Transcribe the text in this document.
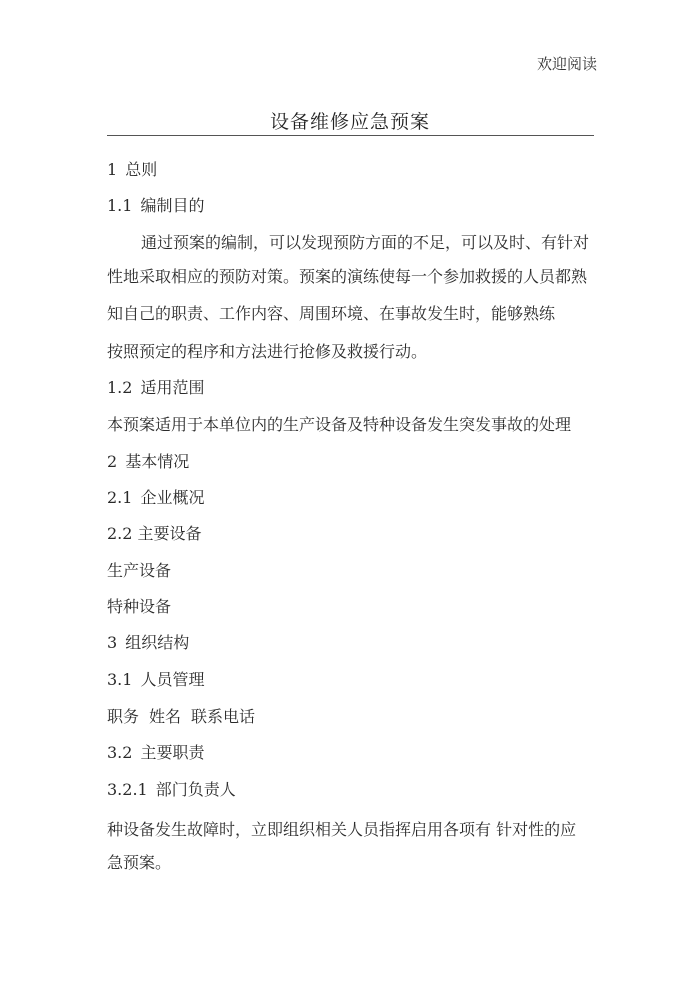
欢迎阅读
设备维修应急预案
1 总则
1.1 编制目的
通过预案的编制，可以发现预防方面的不足，可以及时、有针对
性地采取相应的预防对策。预案的演练使每一个参加救援的人员都熟
知自己的职责、工作内容、周围环境、在事故发生时，能够熟练
按照预定的程序和方法进行抢修及救援行动。
1.2 适用范围
本预案适用于本单位内的生产设备及特种设备发生突发事故的处理
2 基本情况
2.1 企业概况
2.2 主要设备
生产设备
特种设备
3 组织结构
3.1 人员管理
职务 姓名 联系电话
3.2 主要职责
3.2.1 部门负责人
种设备发生故障时，立即组织相关人员指挥启用各项有 针对性的应
急预案。
